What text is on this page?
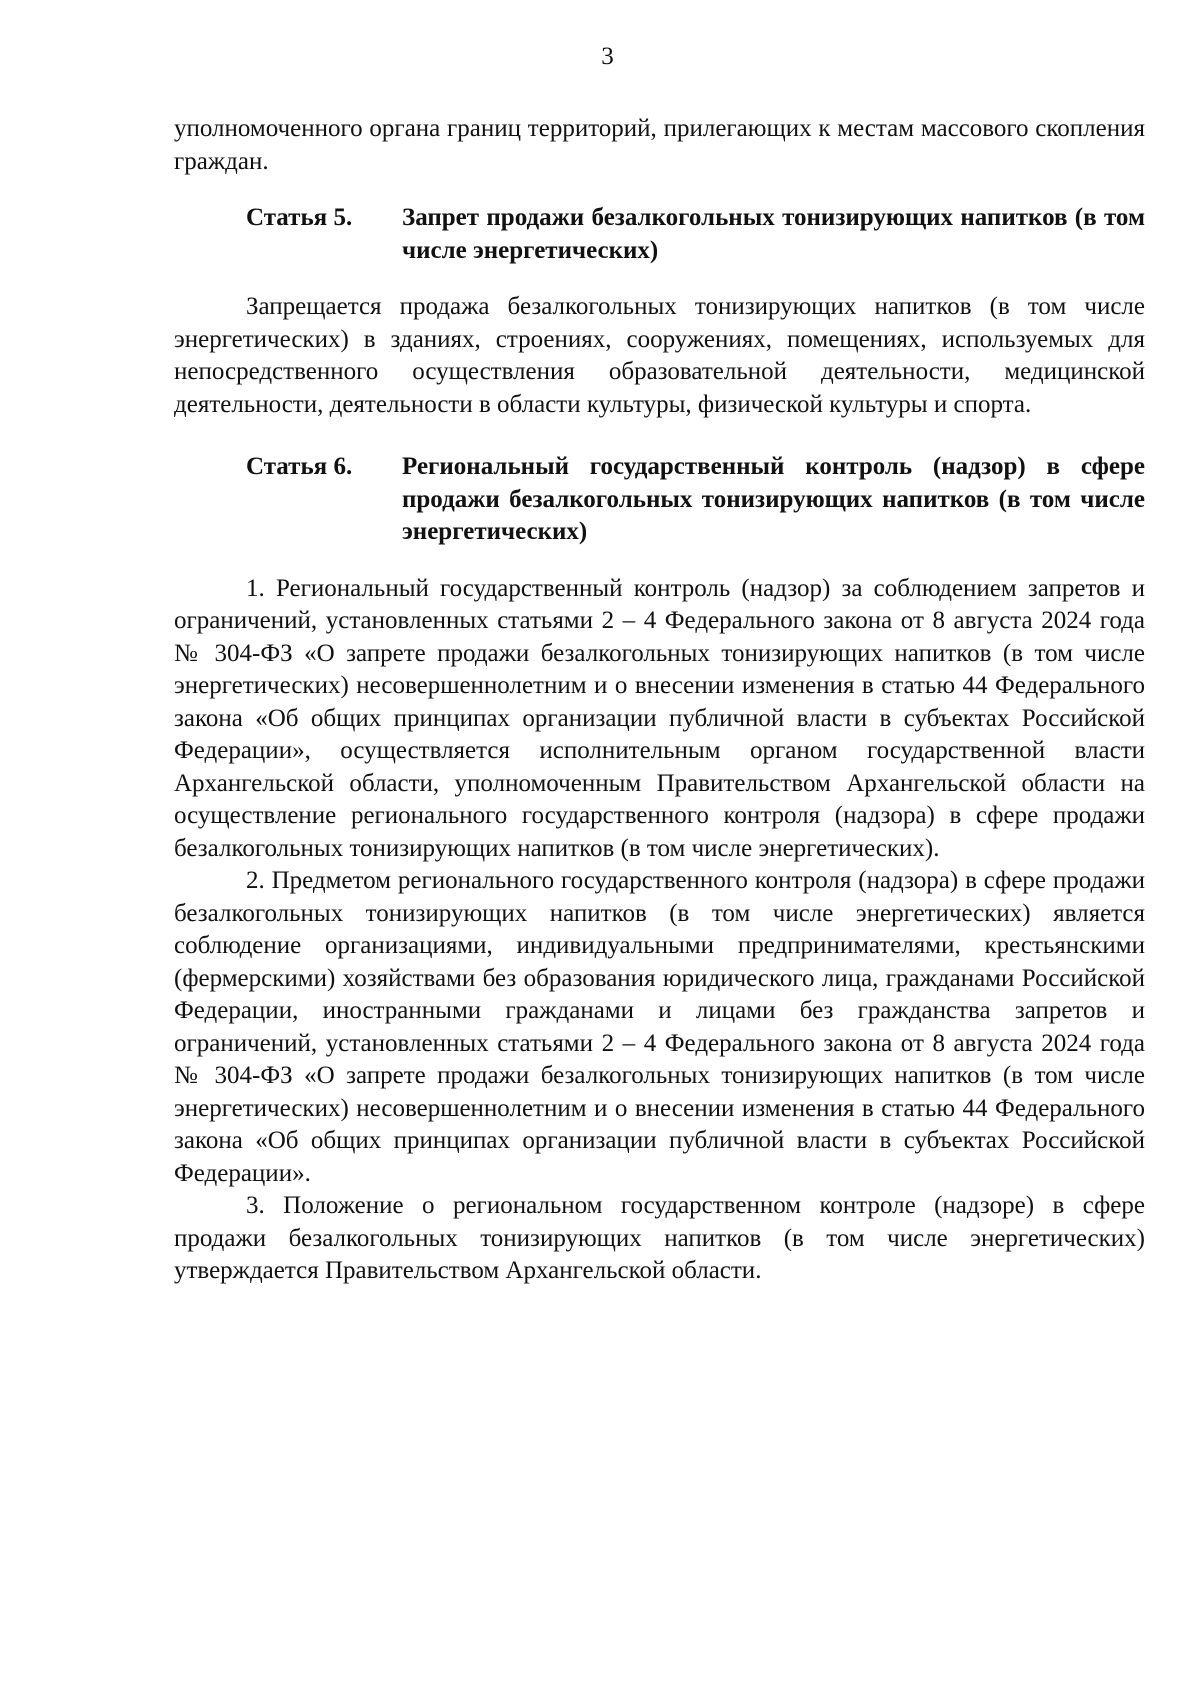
3

уполномоченного органа границ территорий, прилегающих к местам массового скопления граждан.

Статья 5.	Запрет продажи безалкогольных тонизирующих напитков (в том числе энергетических)

Запрещается продажа безалкогольных тонизирующих напитков (в том числе энергетических) в зданиях, строениях, сооружениях, помещениях, используемых для непосредственного осуществления образовательной деятельности, медицинской деятельности, деятельности в области культуры, физической культуры и спорта.

Статья 6.	Региональный государственный контроль (надзор) в сфере продажи безалкогольных тонизирующих напитков (в том числе энергетических)

1. Региональный государственный контроль (надзор) за соблюдением запретов и ограничений, установленных статьями 2 – 4 Федерального закона от 8 августа 2024 года № 304-ФЗ «О запрете продажи безалкогольных тонизирующих напитков (в том числе энергетических) несовершеннолетним и о внесении изменения в статью 44 Федерального закона «Об общих принципах организации публичной власти в субъектах Российской Федерации», осуществляется исполнительным органом государственной власти Архангельской области, уполномоченным Правительством Архангельской области на осуществление регионального государственного контроля (надзора) в сфере продажи безалкогольных тонизирующих напитков (в том числе энергетических).

2. Предметом регионального государственного контроля (надзора) в сфере продажи безалкогольных тонизирующих напитков (в том числе энергетических) является соблюдение организациями, индивидуальными предпринимателями, крестьянскими (фермерскими) хозяйствами без образования юридического лица, гражданами Российской Федерации, иностранными гражданами и лицами без гражданства запретов и ограничений, установленных статьями 2 – 4 Федерального закона от 8 августа 2024 года № 304-ФЗ «О запрете продажи безалкогольных тонизирующих напитков (в том числе энергетических) несовершеннолетним и о внесении изменения в статью 44 Федерального закона «Об общих принципах организации публичной власти в субъектах Российской Федерации».

3. Положение о региональном государственном контроле (надзоре) в сфере продажи безалкогольных тонизирующих напитков (в том числе энергетических) утверждается Правительством Архангельской области.
